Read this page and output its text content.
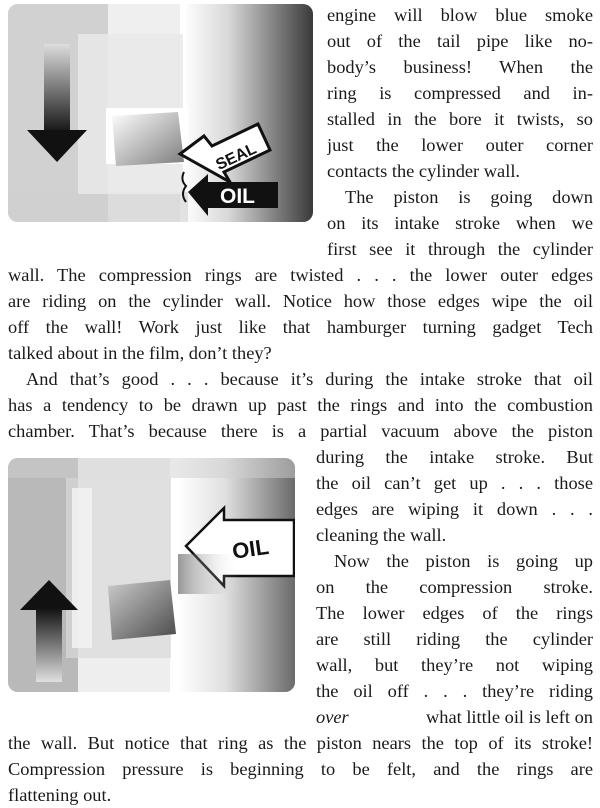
SEAL
OIL
OIL
engine will blow blue smoke
out of the tail pipe like no-
body’s business! When the
ring is compressed and in-
stalled in the bore it twists, so
just the lower outer corner
contacts the cylinder wall.
The piston is going down
on its intake stroke when we
first see it through the cylinder
wall. The compression rings are twisted . . . the lower outer edges
are riding on the cylinder wall. Notice how those edges wipe the oil
off the wall! Work just like that hamburger turning gadget Tech
talked about in the film, don’t they?
And that’s good . . . because it’s during the intake stroke that oil
has a tendency to be drawn up past the rings and into the combustion
chamber. That’s because there is a partial vacuum above the piston
during the intake stroke. But
the oil can’t get up . . . those
edges are wiping it down . . .
cleaning the wall.
Now the piston is going up
on the compression stroke.
The lower edges of the rings
are still riding the cylinder
wall, but they’re not wiping
the oil off . . . they’re riding
over	what little oil is left on
the wall. But notice that ring as the piston nears the top of its stroke!
Compression pressure is beginning to be felt, and the rings are
flattening out.
